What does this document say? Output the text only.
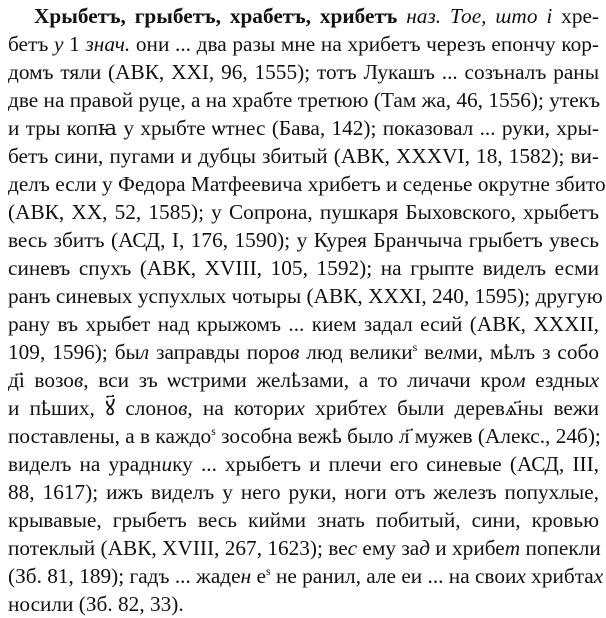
Хрыбетъ, грыбетъ, храбетъ, хрибетъ наз. Тое, што і хре-
бетъ у 1 знач. они ... два разы мне на хрибетъ черезъ епончу кор-
домъ тяли (АВК, XXI, 96, 1555); тотъ Лукашъ ... созъналъ раны
две на правой руце, а на храбте третюю (Там жа, 46, 1556); утекъ
и тры копꙗ у хрыбте ѡтнес (Бава, 142); показовал ... руки, хры-
бетъ сини, пугами и дубцы збитый (АВК, XXXVI, 18, 1582); ви-
делъ если у Федора Матфеевича хрибетъ и седенье окрутне збито
(АВК, XX, 52, 1585); у Сопрона, пушкаря Быховского, хрыбетъ
весь збитъ (АСД, I, 176, 1590); у Курея Бранчыча грыбетъ увесь
синевъ спухъ (АВК, XVIII, 105, 1592); на грыпте виделъ есми
ранъ синевых успухлых чотыры (АВК, XXXI, 240, 1595); другую
рану въ хрыбет над крыжомъ ... кием задал есий (АВК, XXXII,
109, 1596); был заправды поров люд велики$^s$ велми, мҍлъ з собо
д҃і возов, вси зъ ѡстрими желҍзами, а то личачи кром ездных
и пҍших, ꙋ҃ слонов, на которих хрибтех были деревѧ҃ны вежи
поставлены, а в каждо$^s$ зособна вежҍ было л҃ мужев (Алекс., 24б);
виделъ на ураднику ... хрыбетъ и плечи его синевые (АСД, III,
88, 1617); ижъ виделъ у него руки, ноги отъ железъ попухлые,
крывавые, грыбетъ весь кийми знать побитый, сини, кровью
потеклый (АВК, XVIII, 267, 1623); вес ему зад и хрибет попекли
(Зб. 81, 189); гадъ ... жаден $е^s$ не ранил, але еи ... на своих хрибтах
носили (Зб. 82, 33).
